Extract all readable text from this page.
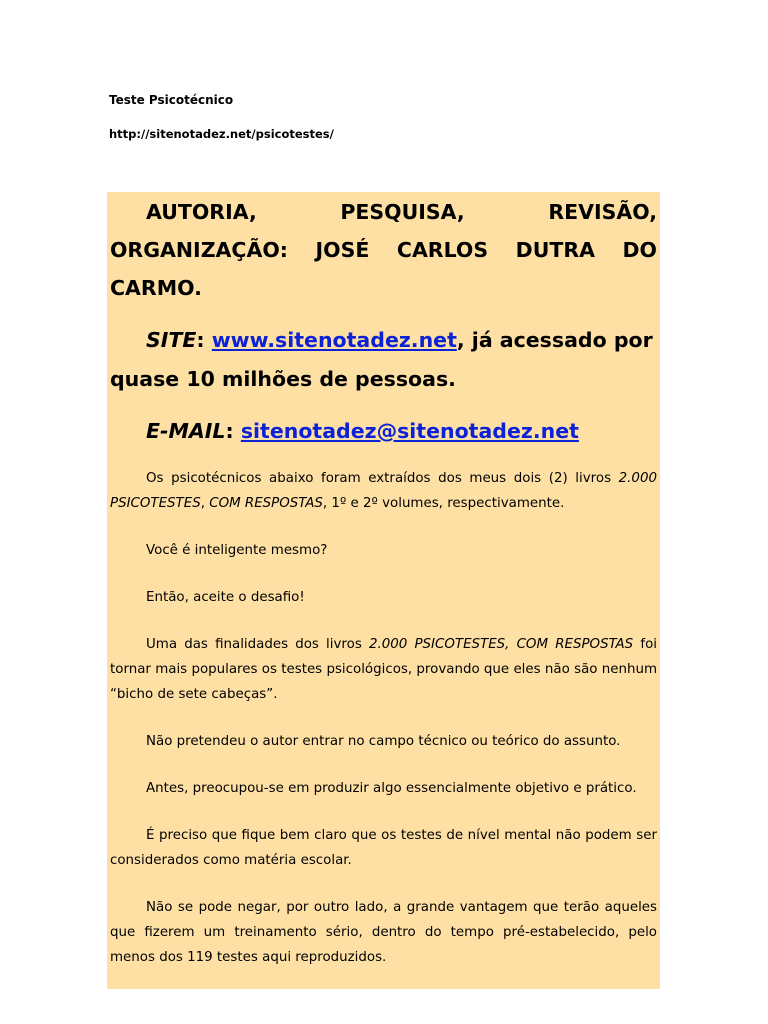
Teste Psicotécnico

http://sitenotadez.net/psicotestes/

AUTORIA, PESQUISA, REVISÃO, ORGANIZAÇÃO: JOSÉ CARLOS DUTRA DO CARMO.

SITE: www.sitenotadez.net, já acessado por quase 10 milhões de pessoas.

E-MAIL: sitenotadez@sitenotadez.net

Os psicotécnicos abaixo foram extraídos dos meus dois (2) livros 2.000 PSICOTESTES, COM RESPOSTAS, 1º e 2º volumes, respectivamente.

Você é inteligente mesmo?

Então, aceite o desafio!

Uma das finalidades dos livros 2.000 PSICOTESTES, COM RESPOSTAS foi tornar mais populares os testes psicológicos, provando que eles não são nenhum “bicho de sete cabeças”.

Não pretendeu o autor entrar no campo técnico ou teórico do assunto.

Antes, preocupou-se em produzir algo essencialmente objetivo e prático.

É preciso que fique bem claro que os testes de nível mental não podem ser considerados como matéria escolar.

Não se pode negar, por outro lado, a grande vantagem que terão aqueles que fizerem um treinamento sério, dentro do tempo pré-estabelecido, pelo menos dos 119 testes aqui reproduzidos.
